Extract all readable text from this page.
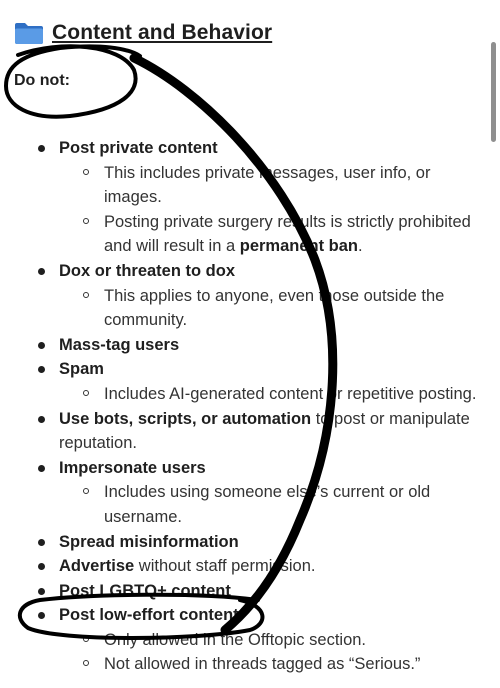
Content and Behavior
Do not:
Post private content
This includes private messages, user info, or images.
Posting private surgery results is strictly prohibited and will result in a permanent ban.
Dox or threaten to dox
This applies to anyone, even those outside the community.
Mass-tag users
Spam
Includes AI-generated content or repetitive posting.
Use bots, scripts, or automation to post or manipulate reputation.
Impersonate users
Includes using someone else’s current or old username.
Spread misinformation
Advertise without staff permission.
Post LGBTQ+ content
Post low-effort content
Only allowed in the Offtopic section.
Not allowed in threads tagged as “Serious.”
